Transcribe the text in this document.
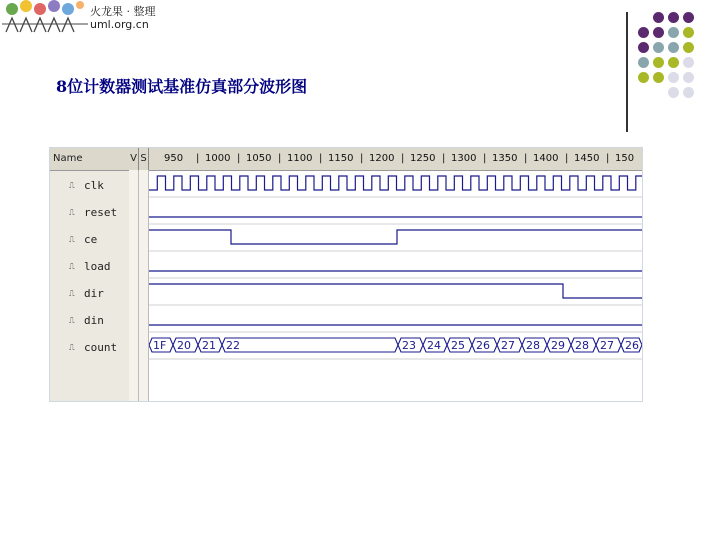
火龙果 · 整理
uml.org.cn
8位计数器测试基准仿真部分波形图
Name	V S 950 1000
|	1050
|	1100
|	1150
|	1200
|	1250
|	1300
|	1350
|	1400
|	1450
|	150
|
⎍ clk
⎍ reset
⎍ ce
⎍ load
⎍ dir
⎍ din
⎍ count	1F 20 21 22	23 24 25 26 27 28 29 28 27 26
